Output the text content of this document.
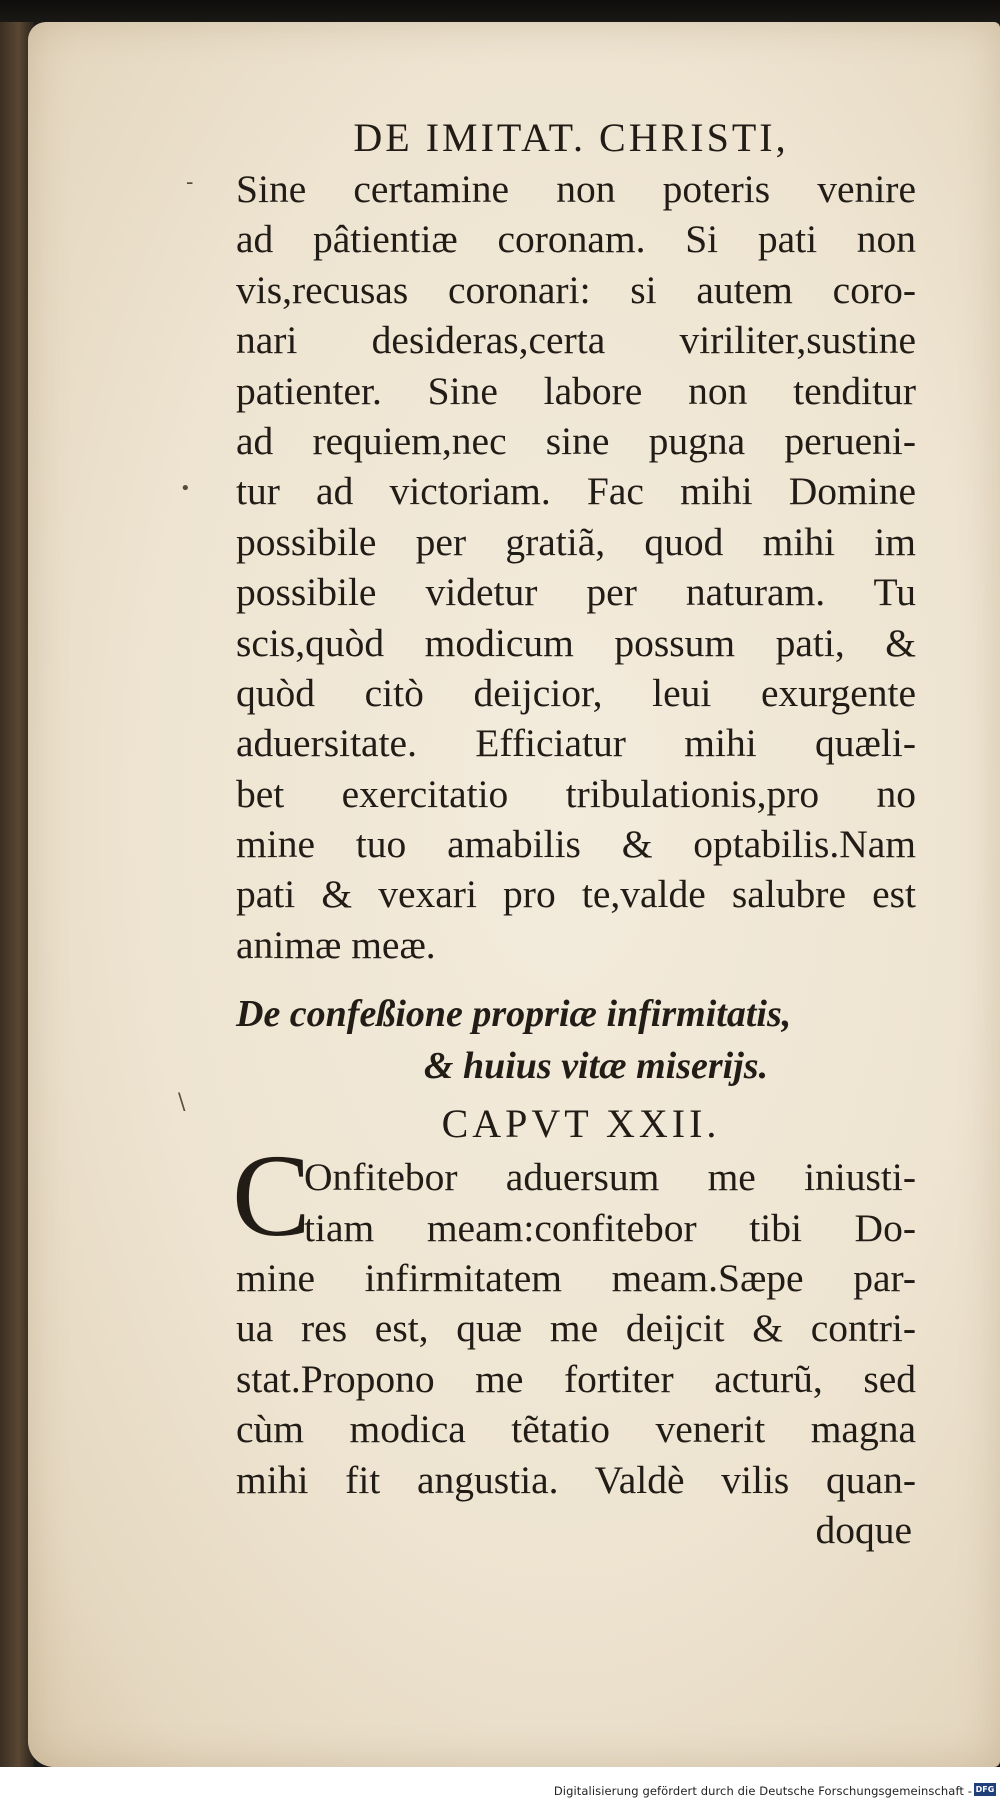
-
•
\
DE IMITAT. CHRISTI,
Sine certamine non poteris venire
ad pâtientiæ coronam. Si pati non
vis,recusas coronari: si autem coro-
nari desideras,certa viriliter,sustine
patienter. Sine labore non tenditur
ad requiem,nec sine pugna perueni-
tur ad victoriam. Fac mihi Domine
possibile per gratiã, quod mihi im
possibile videtur per naturam. Tu
scis,quòd modicum possum pati, &
quòd citò deijcior, leui exurgente
aduersitate. Efficiatur mihi quæli-
bet exercitatio tribulationis,pro no
mine tuo amabilis & optabilis.Nam
pati & vexari pro te,valde salubre est
animæ meæ.
De confeßione propriæ infirmitatis,
& huius vitæ miserijs.
CAPVT XXII.
C
Onfitebor aduersum me iniusti-
tiam meam:confitebor tibi Do-
mine infirmitatem meam.Sæpe par-
ua res est, quæ me deijcit & contri-
stat.Propono me fortiter acturũ, sed
cùm modica tẽtatio venerit magna
mihi fit angustia. Valdè vilis quan-
doque
Digitalisierung gefördert durch die Deutsche Forschungsgemeinschaft - DFG
